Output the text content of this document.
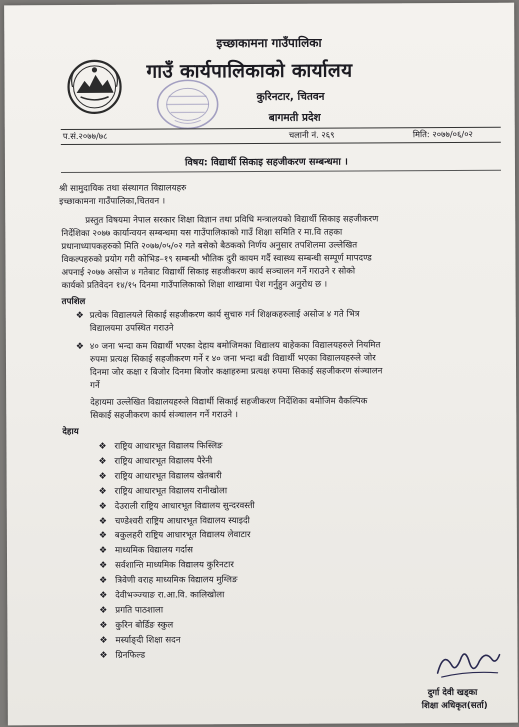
इच्छाकामना गाउँपालिका
गाउँ कार्यपालिकाको कार्यालय
कुरिनटार, चितवन
बागमती प्रदेश
प.सं.२०७७/७८	चलानी नं. २६९	मिति: २०७७/०६/०२
विषय: विद्यार्थी सिकाइ सहजीकरण सम्बन्धमा ।
श्री सामुदायिक तथा संस्थागत विद्यालयहरु
इच्छाकामना गाउँपालिका,चितवन ।
प्रस्तुत विषयमा नेपाल सरकार शिक्षा विज्ञान तथा प्रविधि मन्त्रालयको विद्यार्थी सिकाइ सहजीकरण
निर्देशिका २०७७ कार्यान्वयन सम्बन्धमा यस गाउँपालिकाको गाउँ शिक्षा समिति र मा.वि तहका
प्रधानाध्यापकहरुको मिति २०७७/०५/०२ गते बसेको बैठकको निर्णय अनुसार तपशिलमा उल्लेखित
विकल्पहरुको प्रयोग गरी कोभिड–१९ सम्बन्धी भौतिक दुरी कायम गर्दै स्वास्थ्य सम्बन्धी सम्पूर्ण मापदण्ड
अपनाई २०७७ असोज ४ गतेबाट विद्यार्थी सिकाइ सहजीकरण कार्य सञ्चालन गर्ने गराउने र सोको
कार्यको प्रतिवेदन १४/१५ दिनमा गाउँपालिकाको शिक्षा शाखामा पेश गर्नुहुन अनुरोध छ ।
तपशिल
❖ प्रत्येक विद्यालयले सिकाई सहजीकरण कार्य सुचारु गर्न शिक्षकहरुलाई असोज ४ गते भित्र
विद्यालयमा उपस्थित गराउने
❖ ४० जना भन्दा कम विद्यार्थी भएका देहाय बमोजिमका विद्यालय बाहेकका विद्यालयहरुले नियमित
रुपमा प्रत्यक्ष सिकाई सहजीकरण गर्ने र ४० जना भन्दा बढी विद्यार्थी भएका विद्यालयहरुले जोर
दिनमा जोर कक्षा र बिजोर दिनमा बिजोर कक्षाहरुमा प्रत्यक्ष रुपमा सिकाई सहजीकरण संञ्चालन
गर्ने
देहायमा उल्लेखित विद्यालयहरुले विद्यार्थी सिकाई सहजीकरण निर्देशिका बमोजिम वैकल्पिक
सिकाई सहजीकरण कार्य संञ्चालन गर्ने गराउने ।
देहाय
❖ राष्ट्रिय आधारभूत विद्यालय फिस्लिङ
❖ राष्ट्रिय आधारभूत विद्यालय पैरेनी
❖ राष्ट्रिय आधारभूत विद्यालय खेतबारी
❖ राष्ट्रिय आधारभूत विद्यालय रानीखोला
❖ देउराली राष्ट्रिय आधारभूत विद्यालय सुन्दरवस्ती
❖ चण्डेश्वरी राष्ट्रिय आधारभूत विद्यालय स्याइदी
❖ बकुलहरी राष्ट्रिय आधारभूत विद्यालय लेवाटार
❖ माध्यमिक विद्यालय गर्दास
❖ सर्वशान्ति माध्यमिक विद्यालय कुरिनटार
❖ त्रिवेणी वराह माध्यमिक विद्यालय मुग्लिङ
❖ देवीभञ्ज्याङ रा.आ.वि. कालिखोला
❖ प्रगति पाठशाला
❖ कुरिन बोर्डिङ स्कुल
❖ मर्स्याङ्दी शिक्षा सदन
❖ ग्रिनफिल्ड
दुर्गा देवी खड्का
शिक्षा अधिकृत(सर्ता)
